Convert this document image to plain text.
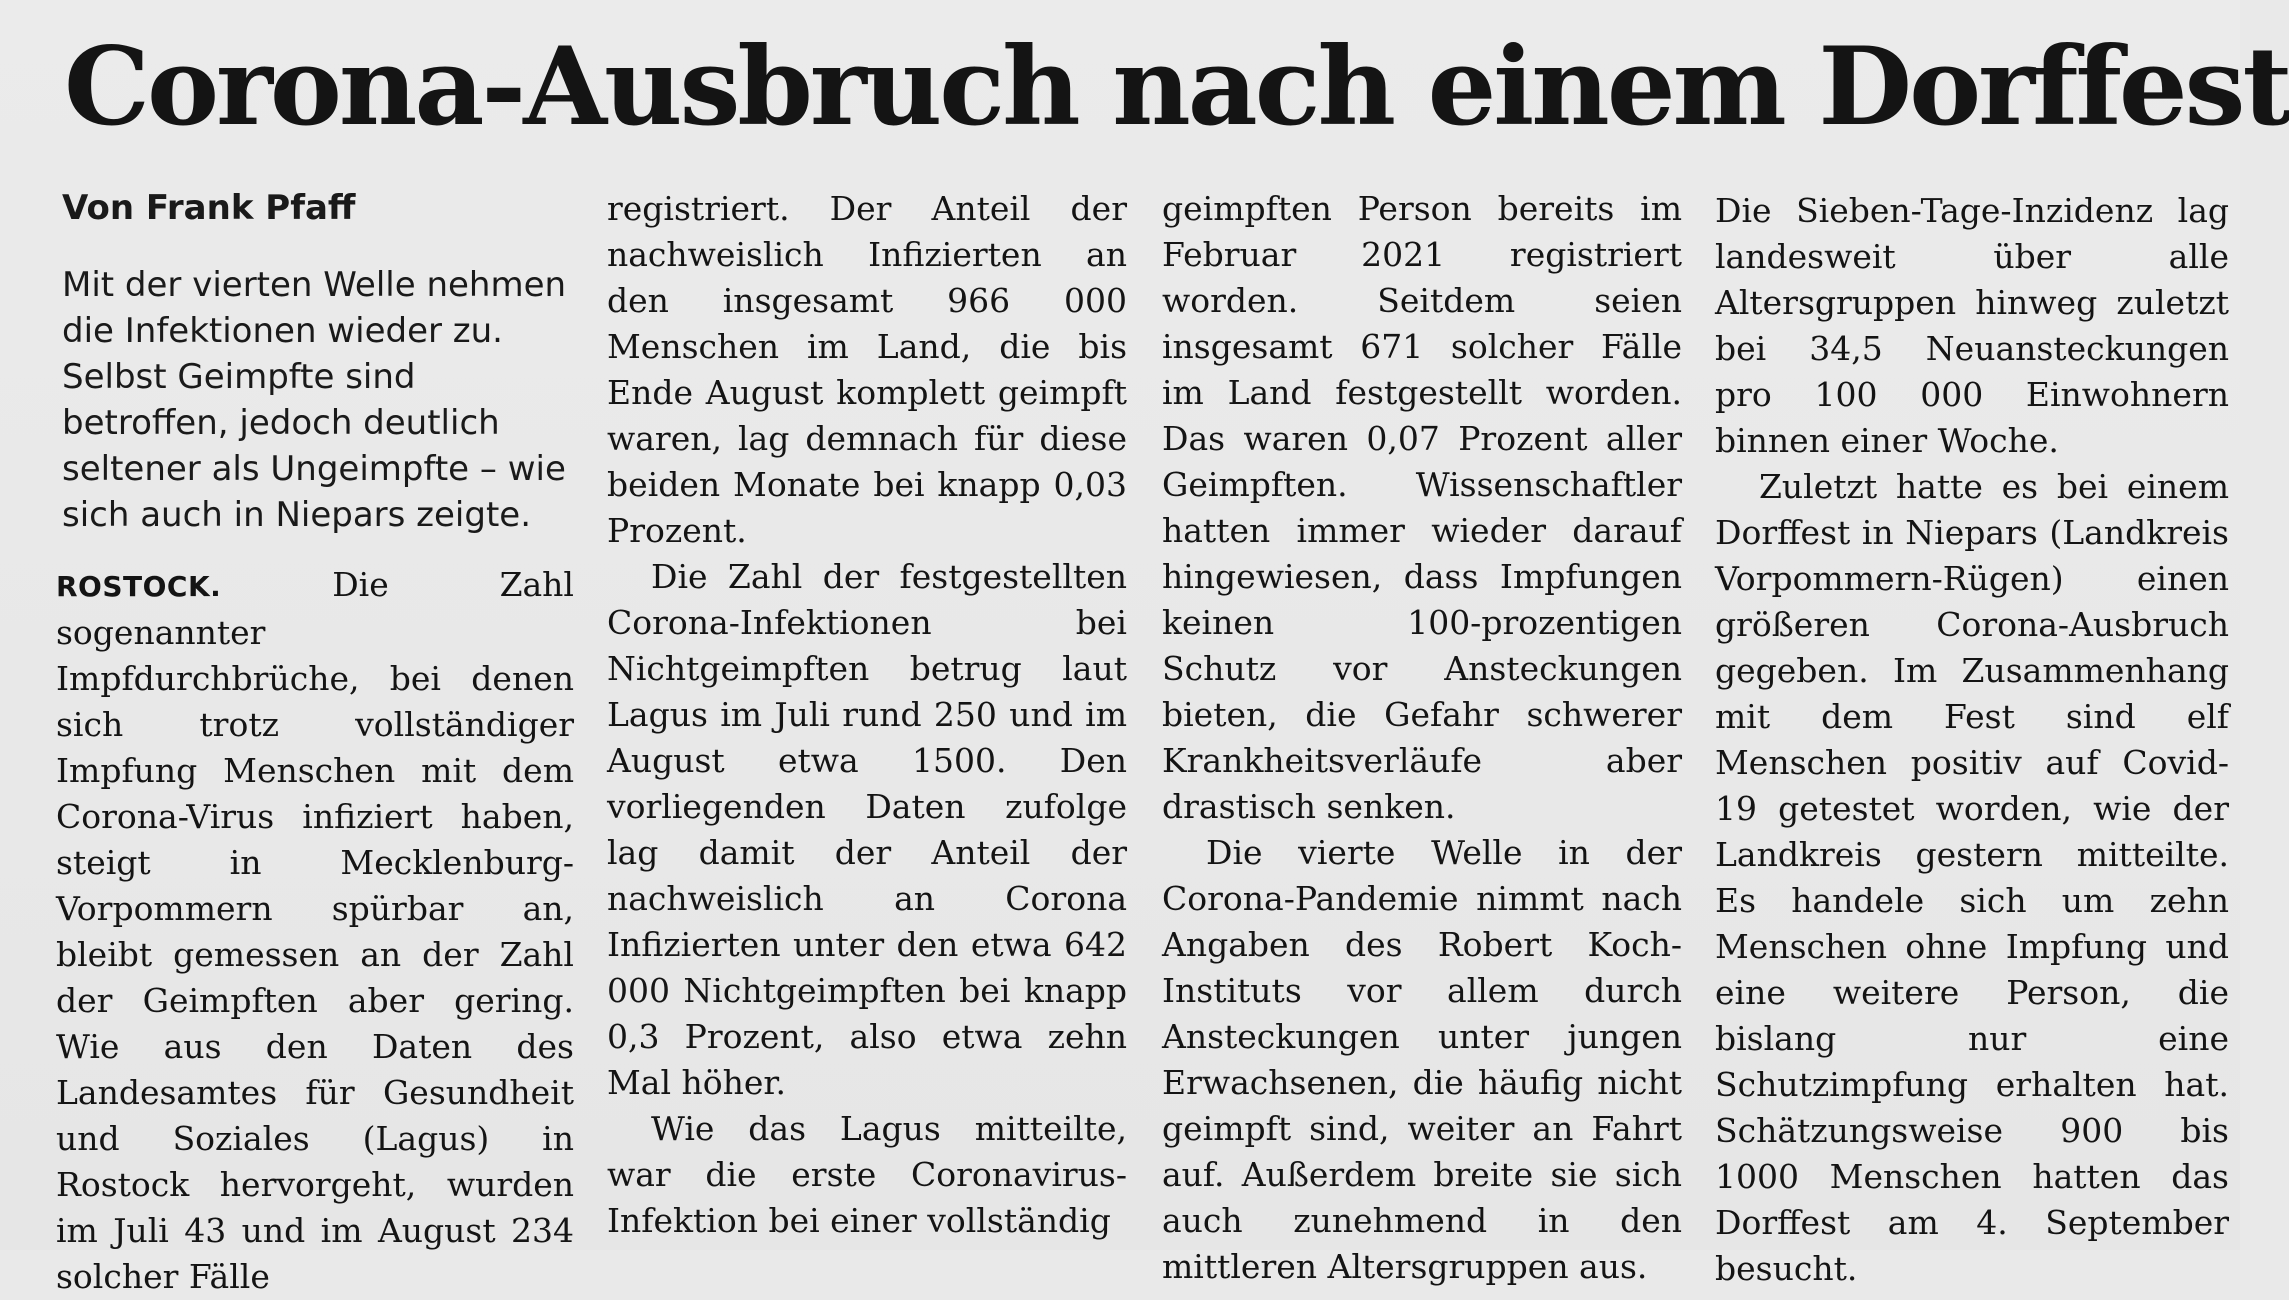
Corona-Ausbruch nach einem Dorffest
Von Frank Pfaff
Mit der vierten Welle nehmen die Infektionen wieder zu. Selbst Geimpfte sind betroffen, jedoch deutlich seltener als Ungeimpfte – wie sich auch in Niepars zeigte.

ROSTOCK.	Die Zahl sogenannter Impfdurchbrüche, bei denen sich trotz vollständiger Impfung Menschen mit dem Corona-Virus infiziert haben, steigt in Mecklenburg-Vorpommern spürbar an, bleibt gemessen an der Zahl der Geimpften aber gering. Wie aus den Daten des Landesamtes für Gesundheit und Soziales (Lagus) in Rostock hervorgeht, wurden im Juli 43 und im August 234 solcher Fälle

registriert. Der Anteil der nachweislich Infizierten an den insgesamt 966 000 Menschen im Land, die bis Ende August komplett geimpft waren, lag demnach für diese beiden Monate bei knapp 0,03 Prozent.

Die Zahl der festgestellten Corona-Infektionen bei Nichtgeimpften betrug laut Lagus im Juli rund 250 und im August etwa 1500. Den vorliegenden Daten zufolge lag damit der Anteil der nachweislich an Corona Infizierten unter den etwa 642 000 Nichtgeimpften bei knapp 0,3 Prozent, also etwa zehn Mal höher.

Wie das Lagus mitteilte, war die erste Coronavirus-Infektion bei einer vollständig

geimpften Person bereits im Februar 2021 registriert worden. Seitdem seien insgesamt 671 solcher Fälle im Land festgestellt worden. Das waren 0,07 Prozent aller Geimpften. Wissenschaftler hatten immer wieder darauf hingewiesen, dass Impfungen keinen 100-prozentigen Schutz vor Ansteckungen bieten, die Gefahr schwerer Krankheitsverläufe aber drastisch senken.

Die vierte Welle in der Corona-Pandemie nimmt nach Angaben des Robert Koch-Instituts vor allem durch Ansteckungen unter jungen Erwachsenen, die häufig nicht geimpft sind, weiter an Fahrt auf. Außerdem breite sie sich auch zunehmend in den mittleren Altersgruppen aus.

Die Sieben-Tage-Inzidenz lag landesweit über alle Altersgruppen hinweg zuletzt bei 34,5 Neuansteckungen pro 100 000 Einwohnern binnen einer Woche.

Zuletzt hatte es bei einem Dorffest in Niepars (Landkreis Vorpommern-Rügen) einen größeren Corona-Ausbruch gegeben. Im Zusammenhang mit dem Fest sind elf Menschen positiv auf Covid-19 getestet worden, wie der Landkreis gestern mitteilte. Es handele sich um zehn Menschen ohne Impfung und eine weitere Person, die bislang nur eine Schutzimpfung erhalten hat. Schätzungsweise 900 bis 1000 Menschen hatten das Dorffest am 4. September besucht.
